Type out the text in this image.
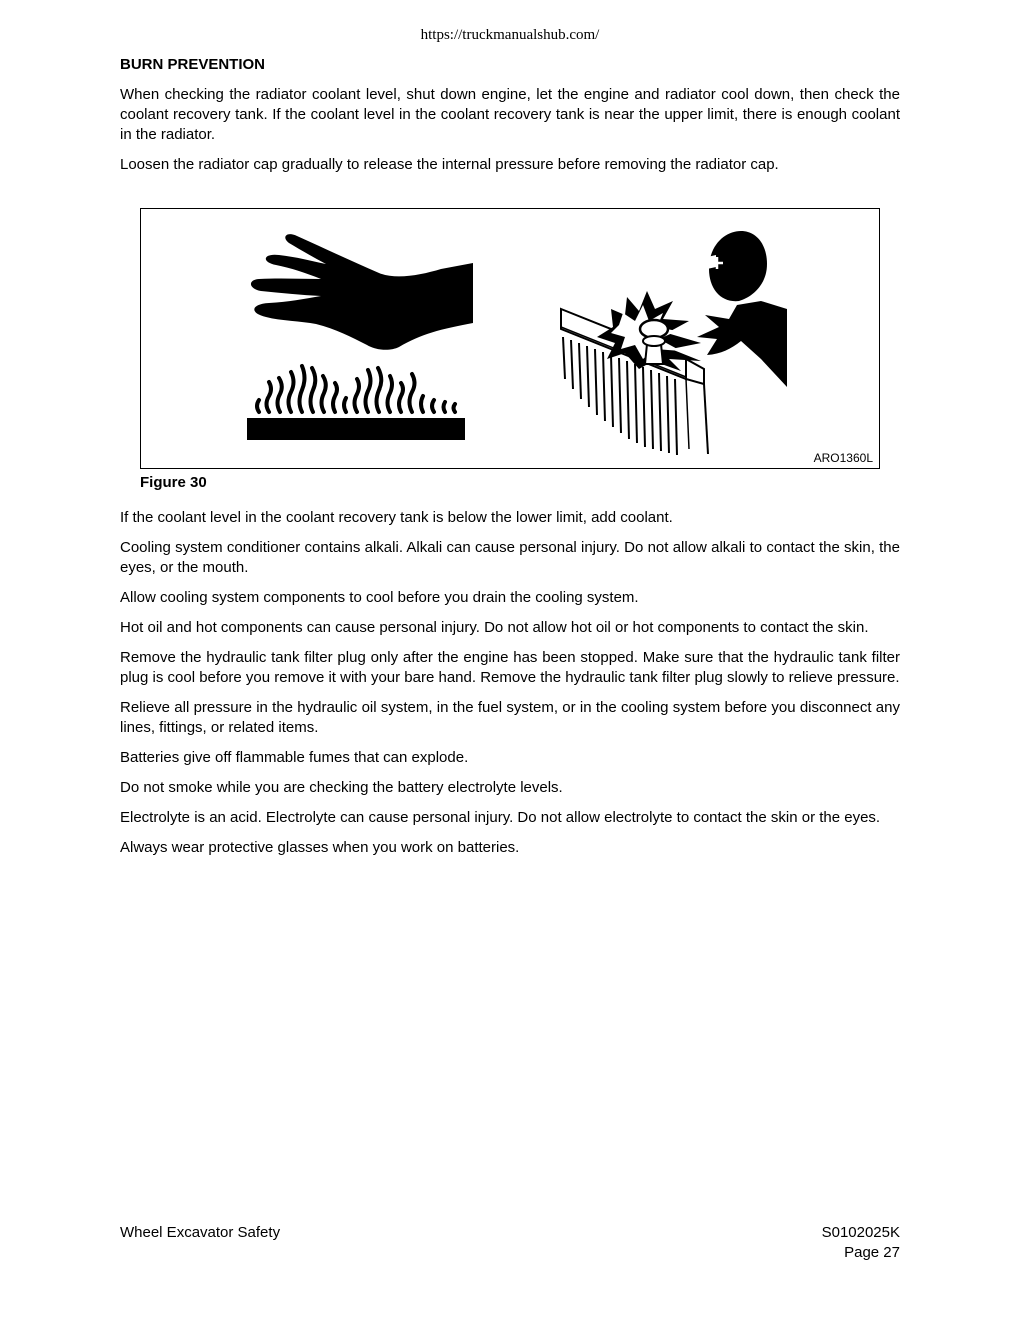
https://truckmanualshub.com/
BURN PREVENTION

When checking the radiator coolant level, shut down engine, let the engine and radiator cool down, then check the coolant recovery tank. If the coolant level in the coolant recovery tank is near the upper limit, there is enough coolant in the radiator.

Loosen the radiator cap gradually to release the internal pressure before removing the radiator cap.

ARO1360L
Figure 30

If the coolant level in the coolant recovery tank is below the lower limit, add coolant.

Cooling system conditioner contains alkali. Alkali can cause personal injury. Do not allow alkali to contact the skin, the eyes, or the mouth.

Allow cooling system components to cool before you drain the cooling system.

Hot oil and hot components can cause personal injury. Do not allow hot oil or hot components to contact the skin.

Remove the hydraulic tank filter plug only after the engine has been stopped. Make sure that the hydraulic tank filter plug is cool before you remove it with your bare hand. Remove the hydraulic tank filter plug slowly to relieve pressure.

Relieve all pressure in the hydraulic oil system, in the fuel system, or in the cooling system before you disconnect any lines, fittings, or related items.

Batteries give off flammable fumes that can explode.

Do not smoke while you are checking the battery electrolyte levels.

Electrolyte is an acid. Electrolyte can cause personal injury. Do not allow electrolyte to contact the skin or the eyes.

Always wear protective glasses when you work on batteries.

Wheel Excavator Safety	S0102025K
Page 27
